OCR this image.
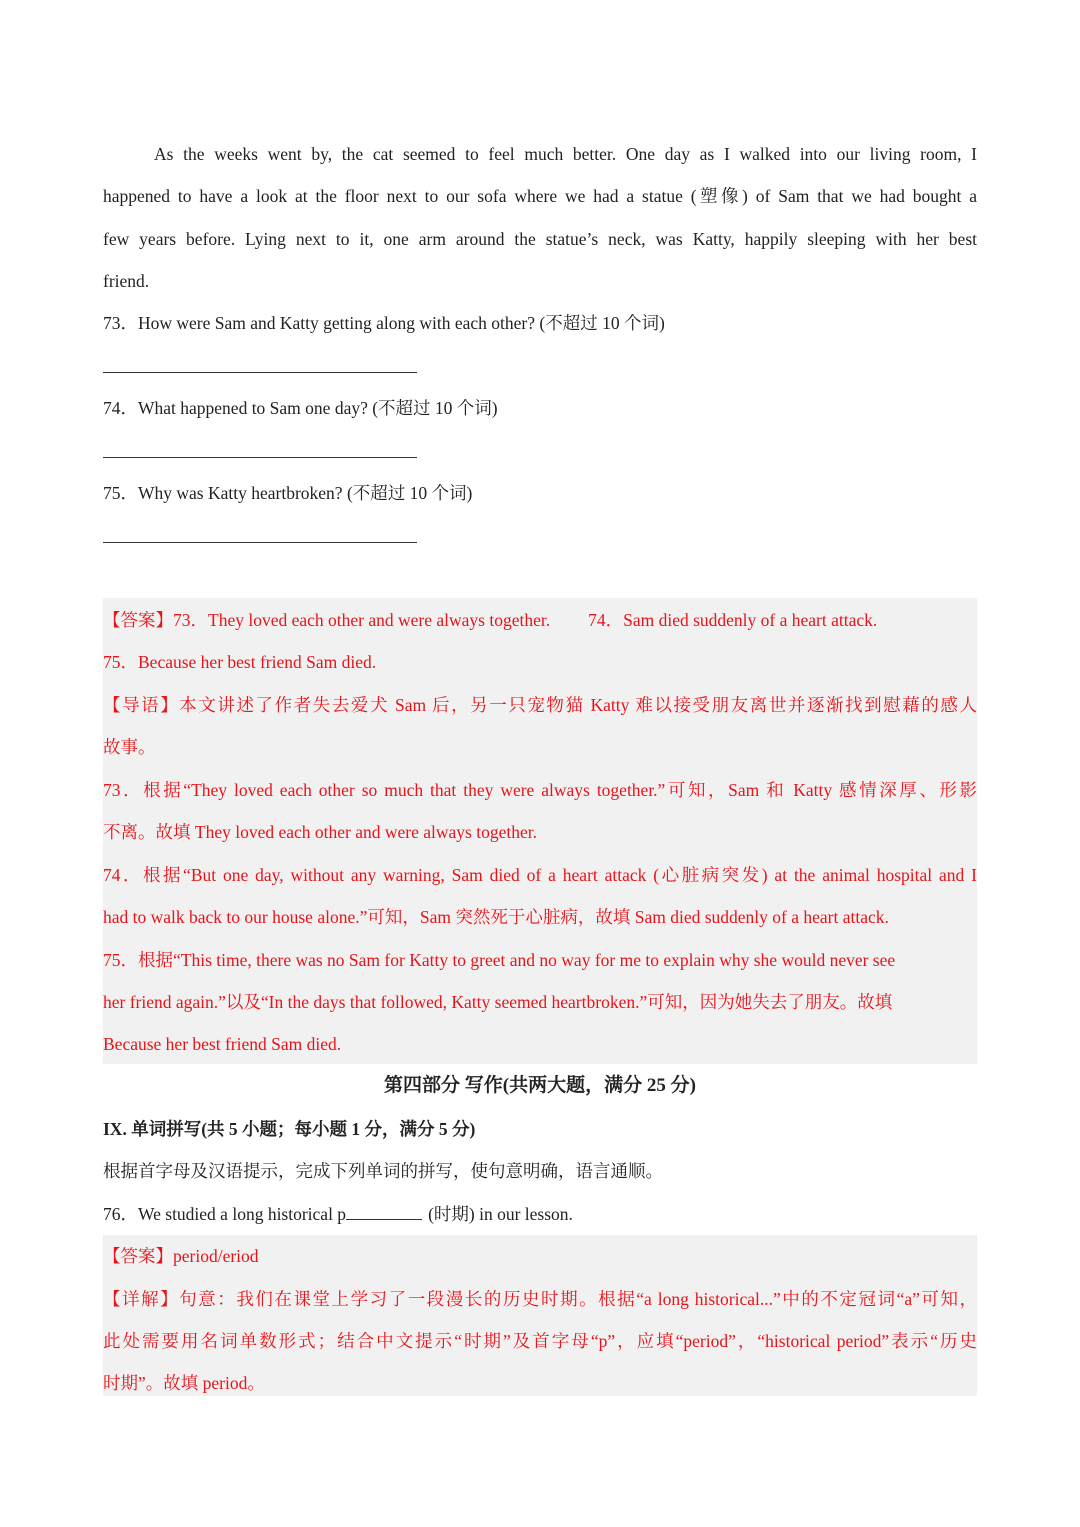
As the weeks went by, the cat seemed to feel much better. One day as I walked into our living room, I
happened to have a look at the floor next to our sofa where we had a statue (塑像) of Sam that we had bought a
few years before. Lying next to it, one arm around the statue’s neck, was Katty, happily sleeping with her best
friend.
73．How were Sam and Katty getting along with each other? (不超过 10 个词)
74．What happened to Sam one day? (不超过 10 个词)
75．Why was Katty heartbroken? (不超过 10 个词)
【答案】73．They loved each other and were always together. 74．Sam died suddenly of a heart attack.
75．Because her best friend Sam died.
【导语】本文讲述了作者失去爱犬 Sam 后，另一只宠物猫 Katty 难以接受朋友离世并逐渐找到慰藉的感人
故事。
73．根据“They loved each other so much that they were always together.”可知，Sam 和 Katty 感情深厚、形影
不离。故填 They loved each other and were always together.
74．根据“But one day, without any warning, Sam died of a heart attack (心脏病突发) at the animal hospital and I
had to walk back to our house alone.”可知，Sam 突然死于心脏病，故填 Sam died suddenly of a heart attack.
75．根据“This time, there was no Sam for Katty to greet and no way for me to explain why she would never see
her friend again.”以及“In the days that followed, Katty seemed heartbroken.”可知，因为她失去了朋友。故填
Because her best friend Sam died.
第四部分 写作(共两大题，满分 25 分)
IX. 单词拼写(共 5 小题；每小题 1 分，满分 5 分)
根据首字母及汉语提示，完成下列单词的拼写，使句意明确，语言通顺。
76．We studied a long historical p	(时期) in our lesson.
【答案】period/eriod
【详解】句意：我们在课堂上学习了一段漫长的历史时期。根据“a long historical...”中的不定冠词“a”可知，
此处需要用名词单数形式；结合中文提示“时期”及首字母“p”，应填“period”，“historical period”表示“历史
时期”。故填 period。
